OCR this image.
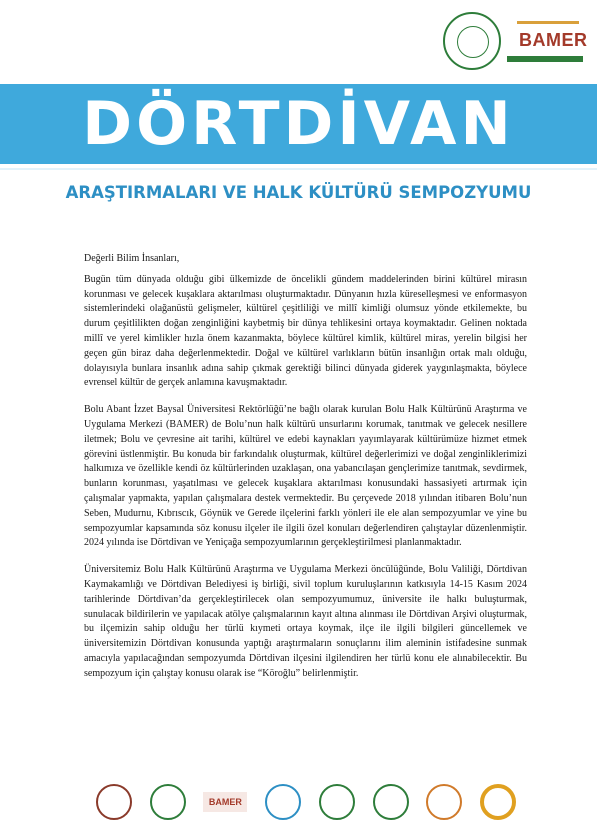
BAMER
DÖRTDİVAN
ARAŞTIRMALARI VE HALK KÜLTÜRÜ SEMPOZYUMU

Değerli Bilim İnsanları,

Bugün tüm dünyada olduğu gibi ülkemizde de öncelikli gündem maddelerinden birini kültürel mirasın korunması ve gelecek kuşaklara aktarılması oluşturmaktadır. Dünyanın hızla küreselleşmesi ve enformasyon sistemlerindeki olağanüstü gelişmeler, kültürel çeşitliliği ve millî kimliği olumsuz yönde etkilemekte, bu durum çeşitlilikten doğan zenginliğini kaybetmiş bir dünya tehlikesini ortaya koymaktadır. Gelinen noktada millî ve yerel kimlikler hızla önem kazanmakta, böylece kültürel kimlik, kültürel miras, yerelin bilgisi her geçen gün biraz daha değerlenmektedir. Doğal ve kültürel varlıkların bütün insanlığın ortak malı olduğu, dolayısıyla bunlara insanlık adına sahip çıkmak gerektiği bilinci dünyada giderek yaygınlaşmakta, böylece evrensel kültür de gerçek anlamına kavuşmaktadır.

Bolu Abant İzzet Baysal Üniversitesi Rektörlüğü’ne bağlı olarak kurulan Bolu Halk Kültürünü Araştırma ve Uygulama Merkezi (BAMER) de Bolu’nun halk kültürü unsurlarını korumak, tanıtmak ve gelecek nesillere iletmek; Bolu ve çevresine ait tarihi, kültürel ve edebi kaynakları yayımlayarak kültürümüze hizmet etmek görevini üstlenmiştir. Bu konuda bir farkındalık oluşturmak, kültürel değerlerimizi ve doğal zenginliklerimizi halkımıza ve özellikle kendi öz kültürlerinden uzaklaşan, ona yabancılaşan gençlerimize tanıtmak, sevdirmek, bunların korunması, yaşatılması ve gelecek kuşaklara aktarılması konusundaki hassasiyeti artırmak için çalışmalar yapmakta, yapılan çalışmalara destek vermektedir. Bu çerçevede 2018 yılından itibaren Bolu’nun Seben, Mudurnu, Kıbrıscık, Göynük ve Gerede ilçelerini farklı yönleri ile ele alan sempozyumlar ve yine bu sempozyumlar kapsamında söz konusu ilçeler ile ilgili özel konuları değerlendiren çalıştaylar düzenlenmiştir. 2024 yılında ise Dörtdivan ve Yeniçağa sempozyumlarının gerçekleştirilmesi planlanmaktadır.

Üniversitemiz Bolu Halk Kültürünü Araştırma ve Uygulama Merkezi öncülüğünde, Bolu Valiliği, Dörtdivan Kaymakamlığı ve Dörtdivan Belediyesi iş birliği, sivil toplum kuruluşlarının katkısıyla 14-15 Kasım 2024 tarihlerinde Dörtdivan’da gerçekleştirilecek olan sempozyumumuz, üniversite ile halkı buluşturmak, sunulacak bildirilerin ve yapılacak atölye çalışmalarının kayıt altına alınması ile Dörtdivan Arşivi oluşturmak, bu ilçemizin sahip olduğu her türlü kıymeti ortaya koymak, ilçe ile ilgili bilgileri güncellemek ve üniversitemizin Dörtdivan konusunda yaptığı araştırmaların sonuçlarını ilim aleminin istifadesine sunmak amacıyla yapılacağından sempozyumda Dörtdivan ilçesini ilgilendiren her türlü konu ele alınabilecektir. Bu sempozyum için çalıştay konusu olarak ise “Köroğlu” belirlenmiştir.

BAMER
